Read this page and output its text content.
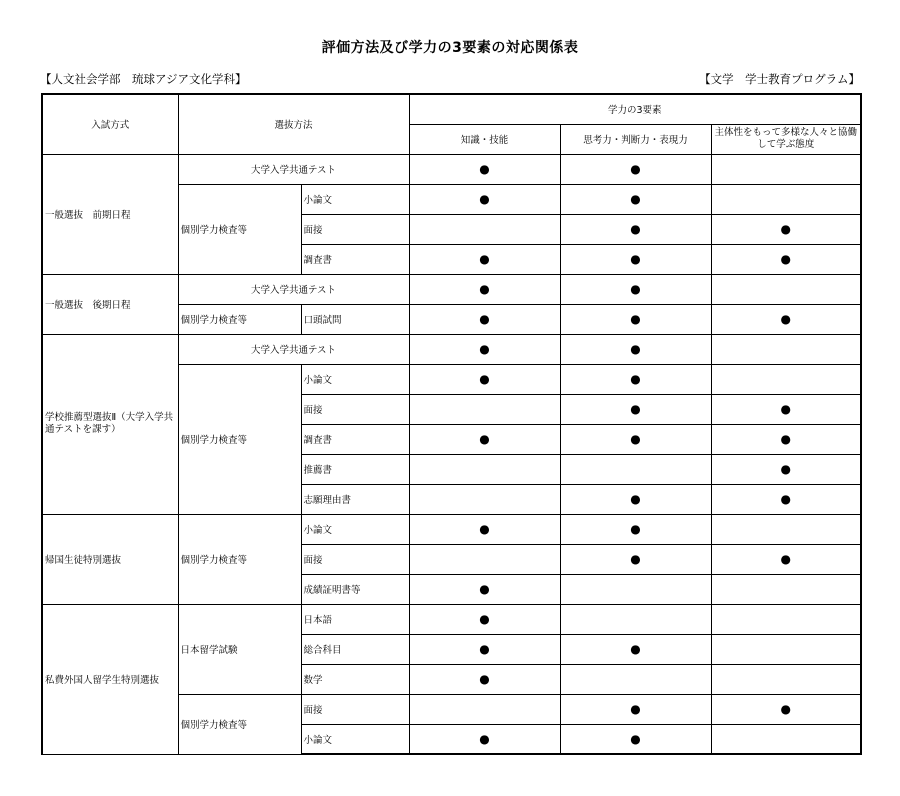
評価方法及び学力の3要素の対応関係表
【人文社会学部　琉球アジア文化学科】	【文学　学士教育プログラム】
入試方式	選抜方法		学力の3要素		
			知識・技能	思考力・判断力・表現力	主体性をもって多様な人々と協働して学ぶ態度
一般選抜　前期日程	大学入学共通テスト		●	●	
	個別学力検査等	小論文	●	●	
		面接		●	●
		調査書	●	●	●
一般選抜　後期日程	大学入学共通テスト		●	●	
	個別学力検査等	口頭試問	●	●	●
学校推薦型選抜Ⅱ（大学入学共通テストを課す）	大学入学共通テスト		●	●	
	個別学力検査等	小論文	●	●	
		面接		●	●
		調査書	●	●	●
		推薦書			●
		志願理由書		●	●
帰国生徒特別選抜	個別学力検査等	小論文	●	●	
		面接		●	●
		成績証明書等	●		
私費外国人留学生特別選抜	日本留学試験	日本語	●		
		総合科目	●	●	
		数学	●		
	個別学力検査等	面接		●	●
		小論文	●	●	
